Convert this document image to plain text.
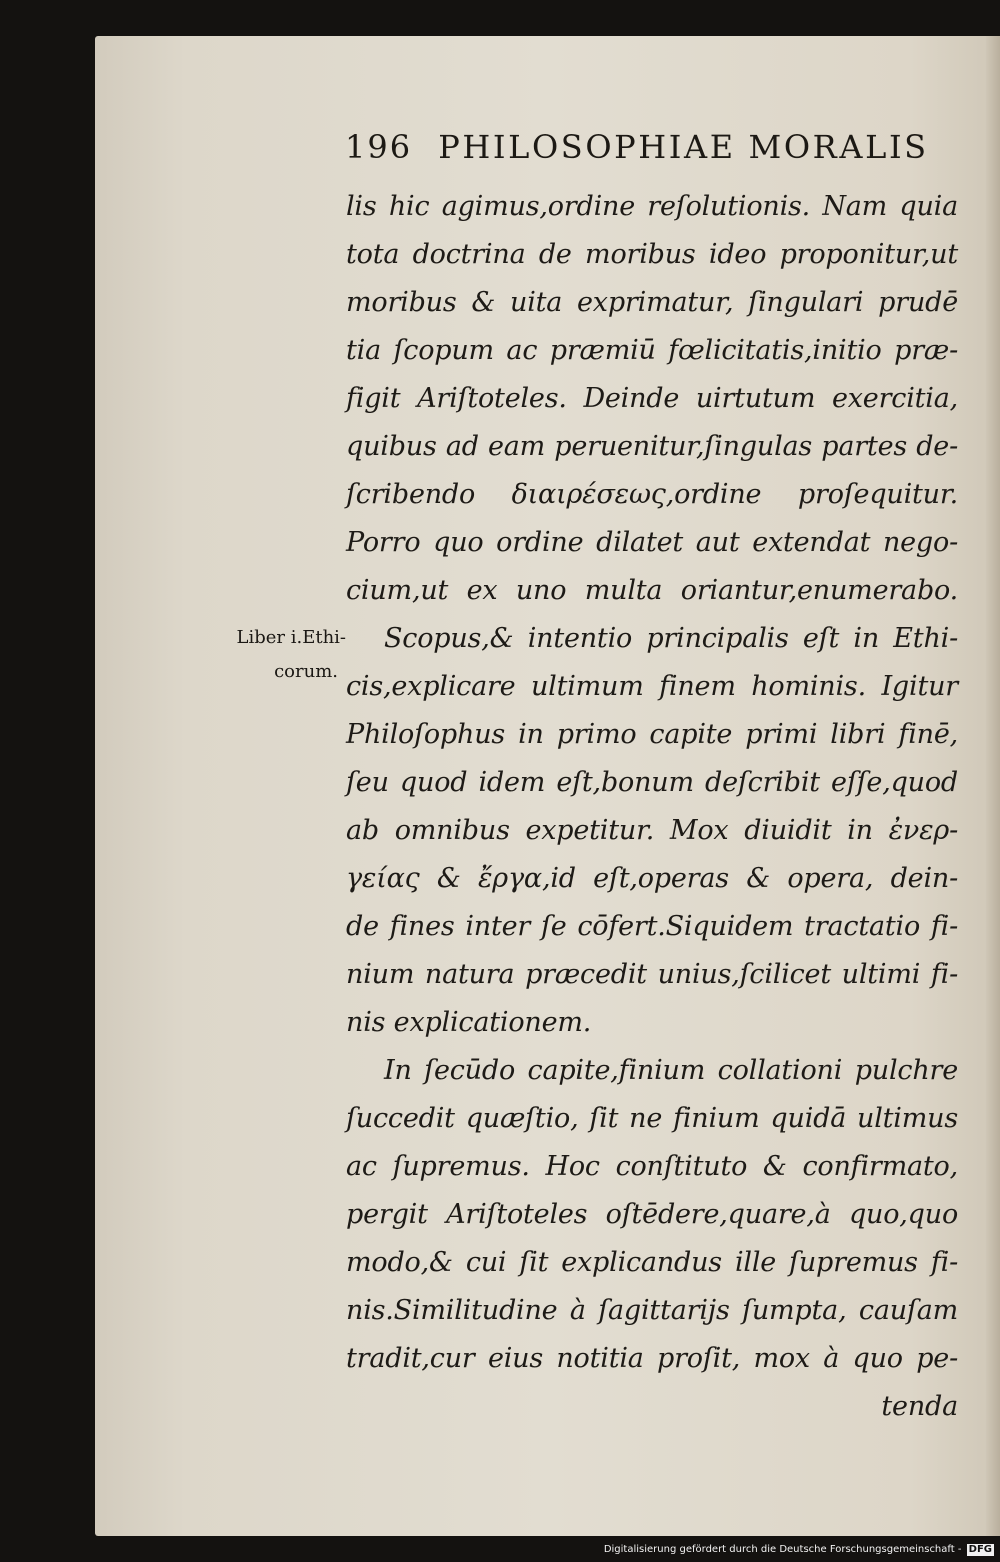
196 PHILOSOPHIAE MORALIS
Liber i.Ethi-
corum.
lis hic agimus,ordine reſolutionis. Nam quia
tota doctrina de moribus ideo proponitur,ut
moribus & uita exprimatur, ſingulari prudē
tia ſcopum ac præmiū fœlicitatis,initio præ-
figit Ariſtoteles. Deinde uirtutum exercitia,
quibus ad eam peruenitur,ſingulas partes de-
ſcribendo διαιρέσεως,ordine proſequitur.
Porro quo ordine dilatet aut extendat nego-
cium,ut ex uno multa oriantur,enumerabo.
Scopus,& intentio principalis eſt in Ethi-
cis,explicare ultimum finem hominis. Igitur
Philoſophus in primo capite primi libri finē,
ſeu quod idem eſt,bonum deſcribit eſſe,quod
ab omnibus expetitur. Mox diuidit in ἐνερ-
γείας & ἔργα,id eſt,operas & opera, dein-
de fines inter ſe cōfert.Siquidem tractatio fi-
nium natura præcedit unius,ſcilicet ultimi fi-
nis explicationem.
In ſecūdo capite,finium collationi pulchre
ſuccedit quæſtio, ſit ne finium quidā ultimus
ac ſupremus. Hoc conſtituto & confirmato,
pergit Ariſtoteles oſtēdere,quare,à quo,quo
modo,& cui ſit explicandus ille ſupremus fi-
nis.Similitudine à ſagittarijs ſumpta, cauſam
tradit,cur eius notitia proſit, mox à quo pe-
tenda
Digitalisierung gefördert durch die Deutsche Forschungsgemeinschaft - DFG
